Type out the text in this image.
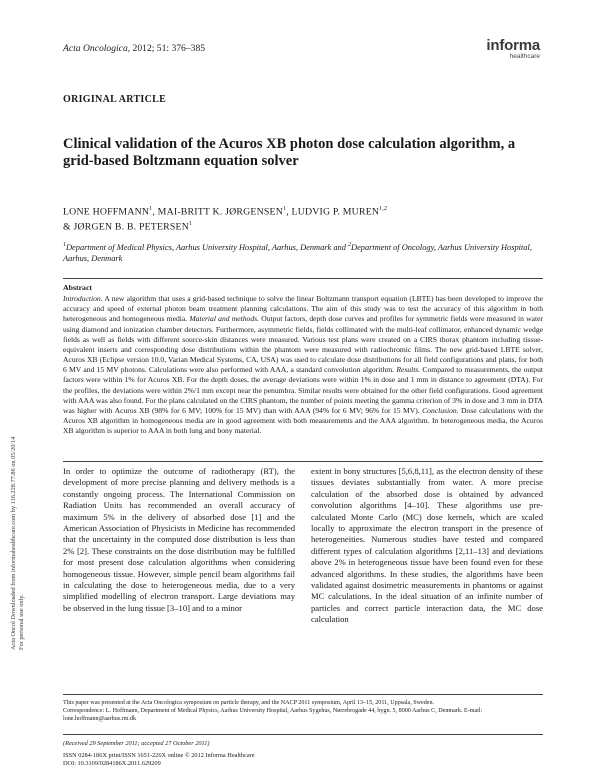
Acta Oncol Downloaded from informahealthcare.com by 116.228.77.86 on 05/20/14 For personal use only.
Acta Oncologica, 2012; 51: 376–385	informa
healthcare
ORIGINAL ARTICLE
Clinical validation of the Acuros XB photon dose calculation algorithm, a grid-based Boltzmann equation solver
LONE HOFFMANN$^1$, MAI-BRITT K. JØRGENSEN$^1$, LUDVIG P. MUREN$^{1,2}$
& JØRGEN B. B. PETERSEN$^1$
$^1$Department of Medical Physics, Aarhus University Hospital, Aarhus, Denmark and $^2$Department of Oncology, Aarhus University Hospital, Aarhus, Denmark
Abstract
Introduction. A new algorithm that uses a grid-based technique to solve the linear Boltzmann transport equation (LBTE) has been developed to improve the accuracy and speed of external photon beam treatment planning calculations. The aim of this study was to test the accuracy of this algorithm in both heterogeneous and homogeneous media. Material and methods. Output factors, depth dose curves and profiles for symmetric fields were measured in water using diamond and ionization chamber detectors. Furthermore, asymmetric fields, fields collimated with the multi-leaf collimator, enhanced dynamic wedge fields as well as fields with different source-skin distances were measured. Various test plans were created on a CIRS thorax phantom including tissue-equivalent inserts and corresponding dose distributions within the phantom were measured with radiochromic films. The new grid-based LBTE solver, Acuros XB (Eclipse version 10.0, Varian Medical Systems, CA, USA) was used to calculate dose distributions for all field configurations and plans, for both 6 MV and 15 MV photons. Calculations were also performed with AAA, a standard convolution algorithm. Results. Compared to measurements, the output factors were within 1% for Acuros XB. For the depth doses, the average deviations were within 1% in dose and 1 mm in distance to agreement (DTA). For the profiles, the deviations were within 2%/1 mm except near the penumbra. Similar results were obtained for the other field configurations. Good agreement with AAA was also found. For the plans calculated on the CIRS phantom, the number of points meeting the gamma criterion of 3% in dose and 3 mm in DTA was higher with Acuros XB (98% for 6 MV; 100% for 15 MV) than with AAA (94% for 6 MV; 96% for 15 MV). Conclusion. Dose calculations with the Acuros XB algorithm in homogeneous media are in good agreement with both measurements and the AAA algorithm. In heterogeneous media, the Acuros XB algorithm is superior to AAA in both lung and bony material.
In order to optimize the outcome of radiotherapy (RT), the development of more precise planning and delivery methods is a constantly ongoing process. The International Commission on Radiation Units has recommended an overall accuracy of maximum 5% in the delivery of absorbed dose [1] and the American Association of Physicists in Medicine has recommended that the uncertainty in the computed dose distribution is less than 2% [2]. These constraints on the dose distribution may be fulfilled for most present dose calculation algorithms when considering homogeneous tissue. However, simple pencil beam algorithms fail in calculating the dose to heterogeneous media, due to a very simplified modelling of electron transport. Large deviations may be observed in the lung tissue [3–10] and to a minor
extent in bony structures [5,6,8,11], as the electron density of these tissues deviates substantially from water. A more precise calculation of the absorbed dose is obtained by advanced convolution algorithms [4–10]. These algorithms use pre-calculated Monte Carlo (MC) dose kernels, which are scaled locally to approximate the electron transport in the presence of heterogeneities. Numerous studies have tested and compared different types of calculation algorithms [2,11–13] and deviations above 2% in heterogeneous tissue have been found even for these advanced algorithms. In these studies, the algorithms have been validated against dosimetric measurements in phantoms or against MC calculations. In the ideal situation of an infinite number of particles and correct particle interaction data, the MC dose calculation
This paper was presented at the Acta Oncologica symposium on particle therapy, and the NACP 2011 symposium, April 13–15, 2011, Uppsala, Sweden.
Correspondence: L. Hoffmann, Department of Medical Physics, Aarhus University Hospital, Aarhus Sygehus, Nørrebrogade 44, bygn. 5, 8000 Aarhus C, Denmark. E-mail: lone.hoffmann@aarhus.rm.dk
(Received 29 September 2011; accepted 27 October 2011)
ISSN 0284-186X print/ISSN 1651-226X online © 2012 Informa Healthcare
DOI: 10.3109/0284186X.2011.629209
